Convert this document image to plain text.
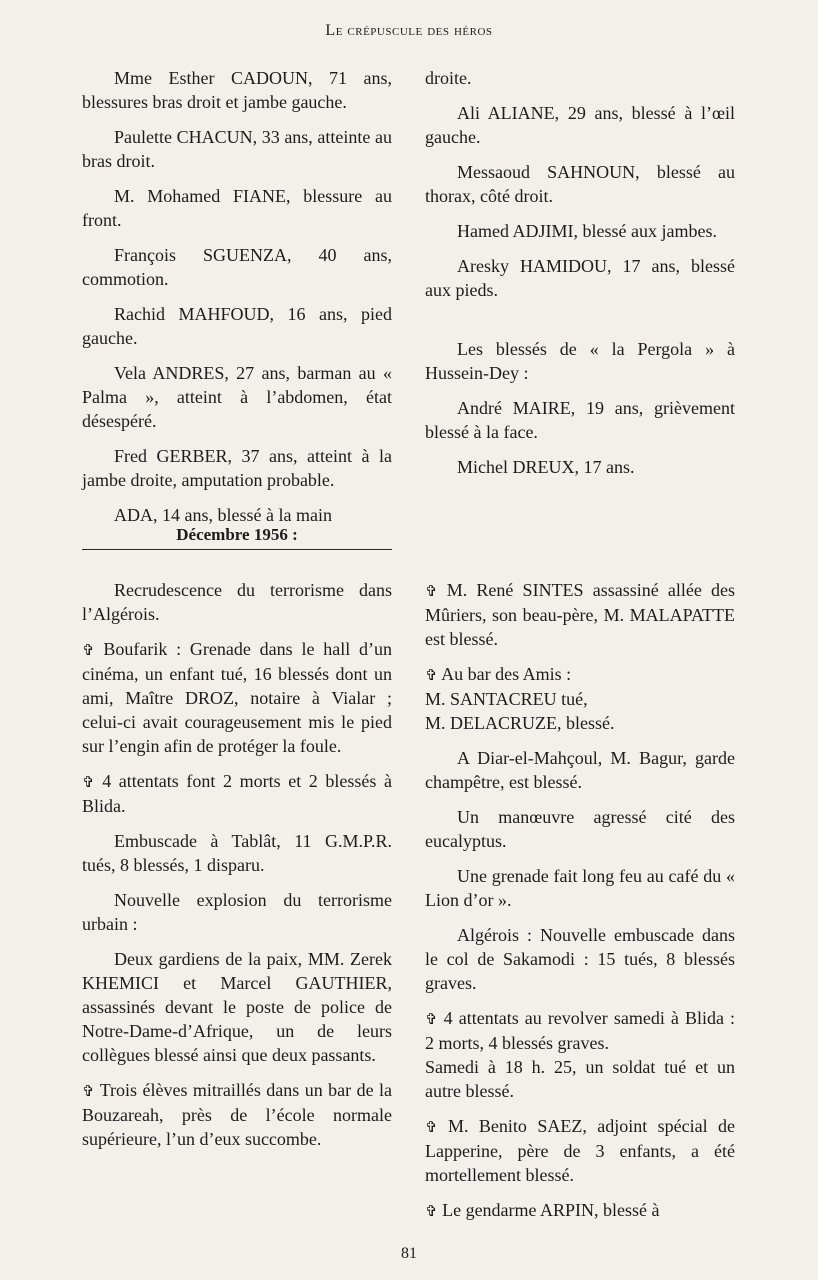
Le crépuscule des héros

Mme Esther CADOUN, 71 ans, blessures bras droit et jambe gauche.

Paulette CHACUN, 33 ans, atteinte au bras droit.

M. Mohamed FIANE, blessure au front.

François SGUENZA, 40 ans, commotion.

Rachid MAHFOUD, 16 ans, pied gauche.

Vela ANDRES, 27 ans, barman au « Palma », atteint à l’abdomen, état désespéré.

Fred GERBER, 37 ans, atteint à la jambe droite, amputation probable.

ADA, 14 ans, blessé à la main

droite.

Ali ALIANE, 29 ans, blessé à l’œil gauche.

Messaoud SAHNOUN, blessé au thorax, côté droit.

Hamed ADJIMI, blessé aux jambes.

Aresky HAMIDOU, 17 ans, blessé aux pieds.

Les blessés de « la Pergola » à Hussein-Dey :

André MAIRE, 19 ans, grièvement blessé à la face.

Michel DREUX, 17 ans.

Décembre 1956 :

Recrudescence du terrorisme dans l’Algérois.

✞ Boufarik : Grenade dans le hall d’un cinéma, un enfant tué, 16 blessés dont un ami, Maître DROZ, notaire à Vialar ; celui-ci avait courageusement mis le pied sur l’engin afin de protéger la foule.

✞ 4 attentats font 2 morts et 2 blessés à Blida.

Embuscade à Tablât, 11 G.M.P.R. tués, 8 blessés, 1 disparu.

Nouvelle explosion du terrorisme urbain :

Deux gardiens de la paix, MM. Zerek KHEMICI et Marcel GAUTHIER, assassinés devant le poste de police de Notre-Dame-d’Afrique, un de leurs collègues blessé ainsi que deux passants.

✞ Trois élèves mitraillés dans un bar de la Bouzareah, près de l’école normale supérieure, l’un d’eux succombe.

✞ M. René SINTES assassiné allée des Mûriers, son beau-père, M. MALAPATTE est blessé.

✞ Au bar des Amis :

M. SANTACREU tué,

M. DELACRUZE, blessé.

A Diar-el-Mahçoul, M. Bagur, garde champêtre, est blessé.

Un manœuvre agressé cité des eucalyptus.

Une grenade fait long feu au café du « Lion d’or ».

Algérois : Nouvelle embuscade dans le col de Sakamodi : 15 tués, 8 blessés graves.

✞ 4 attentats au revolver samedi à Blida : 2 morts, 4 blessés graves.

Samedi à 18 h. 25, un soldat tué et un autre blessé.

✞ M. Benito SAEZ, adjoint spécial de Lapperine, père de 3 enfants, a été mortellement blessé.

✞ Le gendarme ARPIN, blessé à

81
